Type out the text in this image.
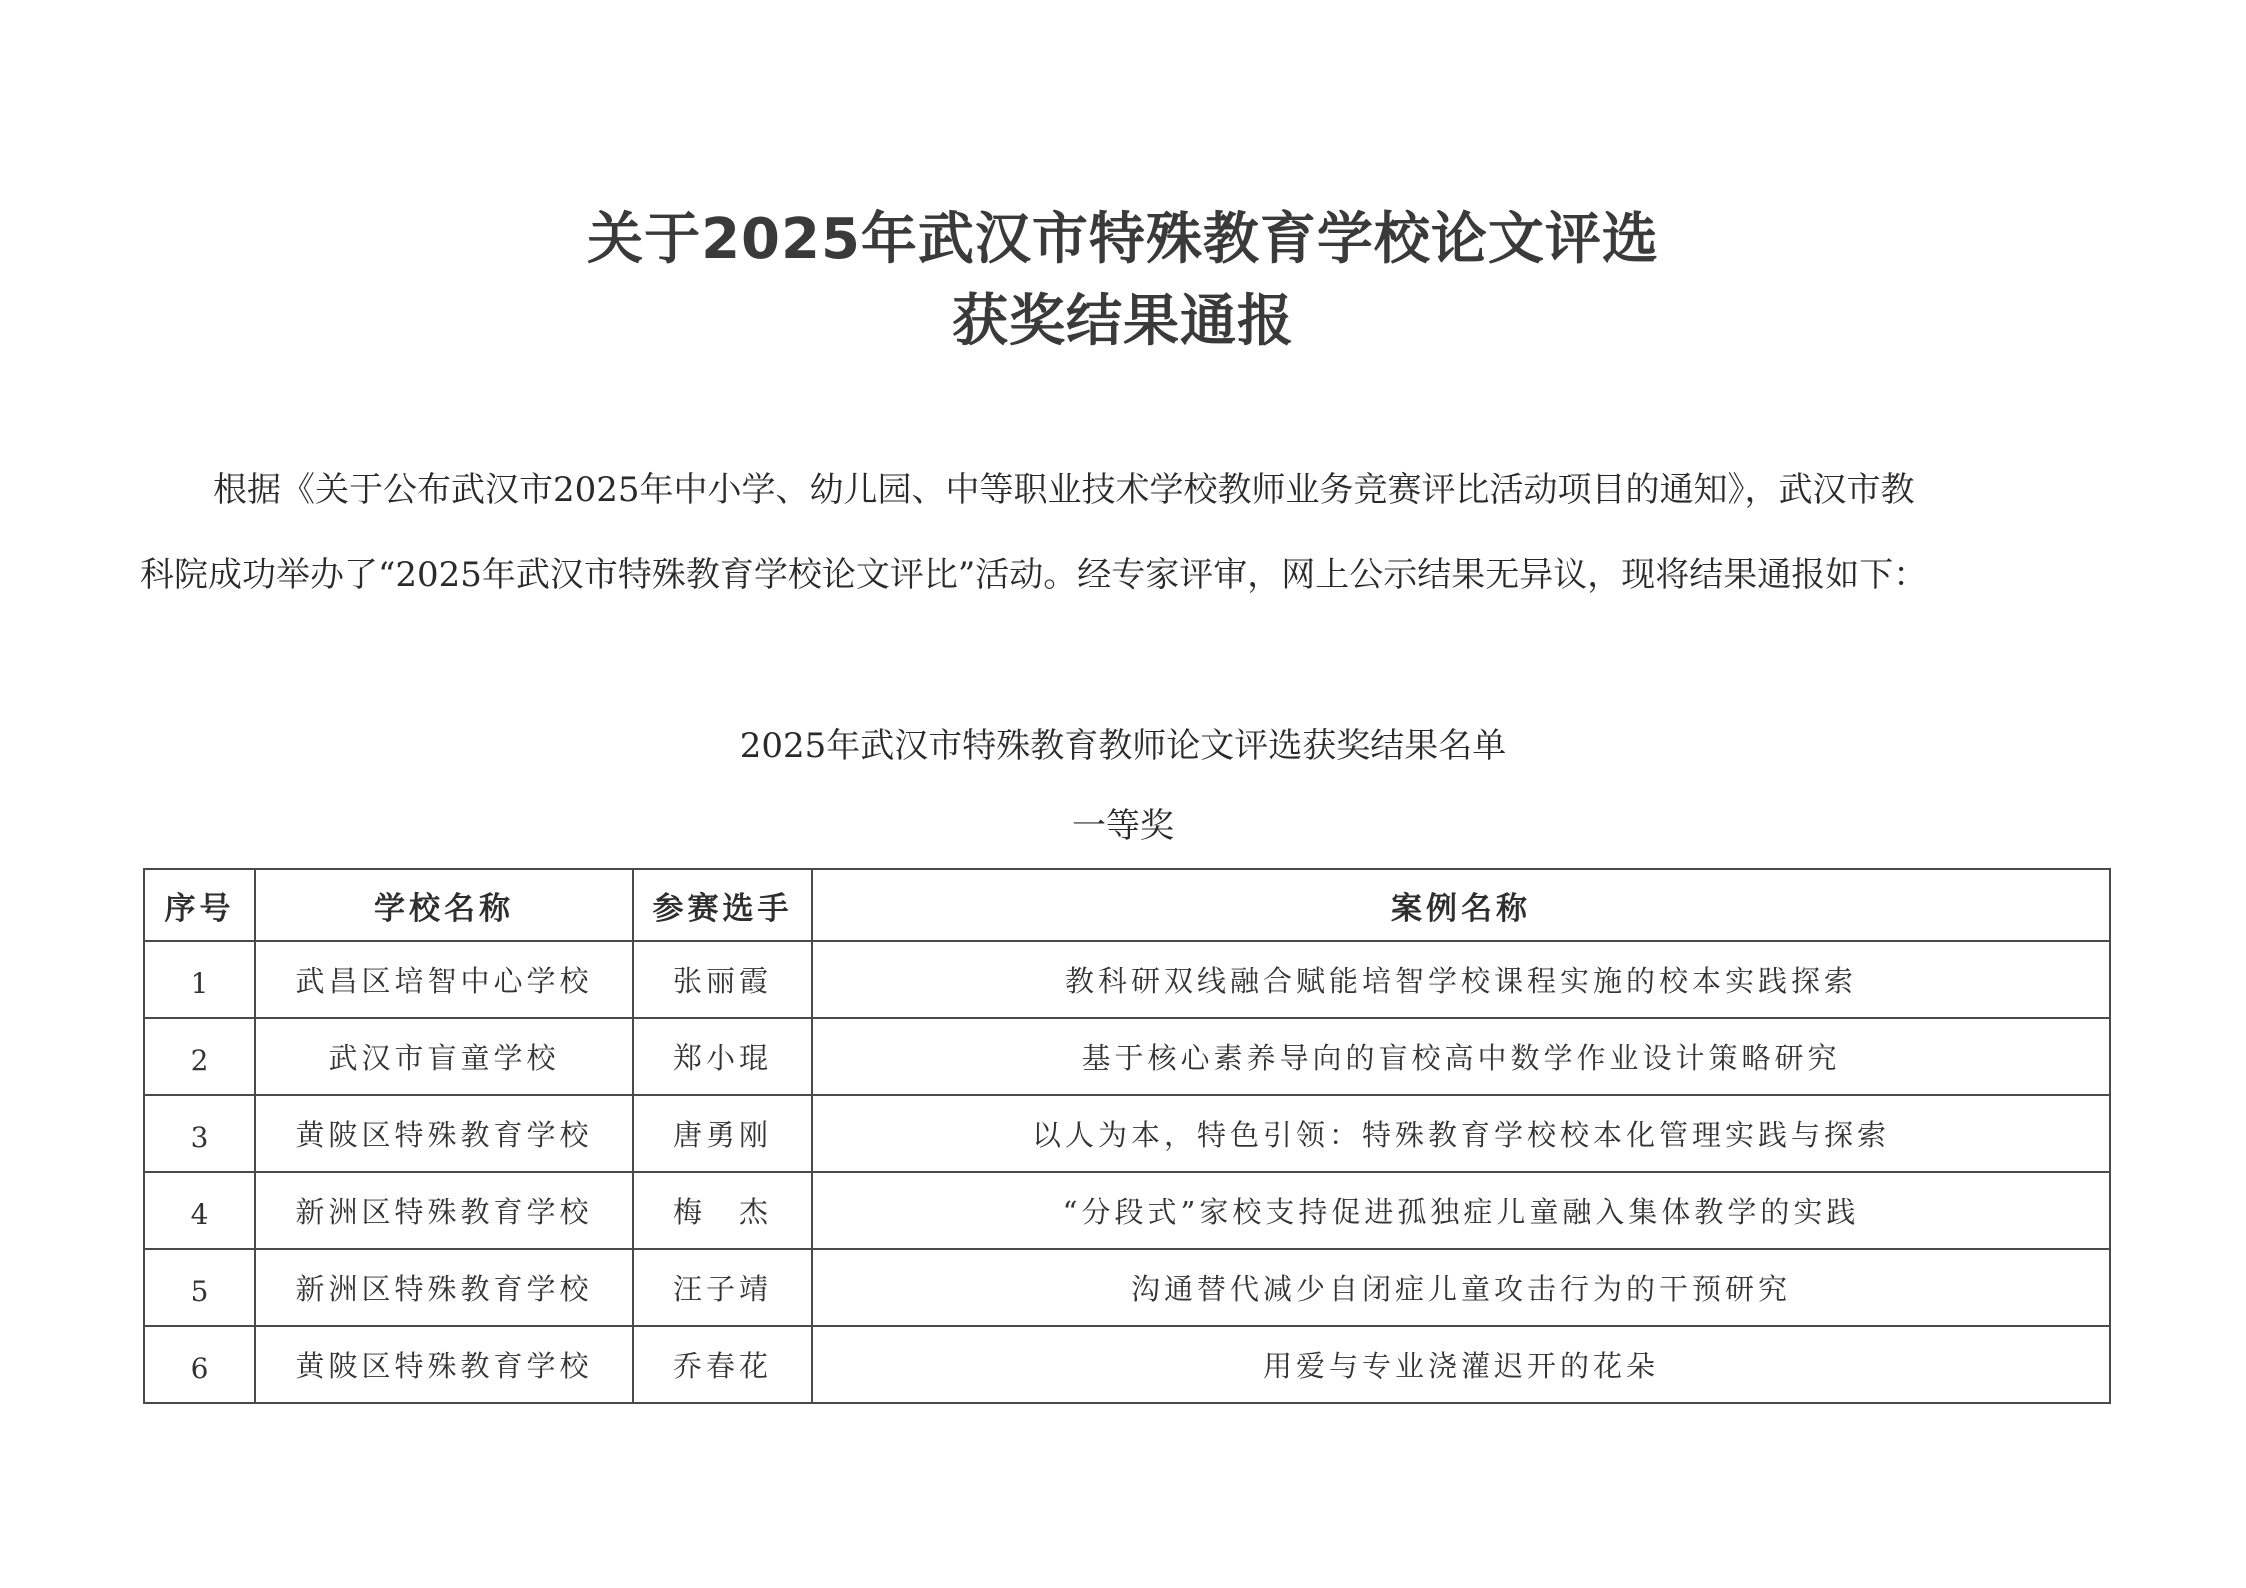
关于2025年武汉市特殊教育学校论文评选
获奖结果通报
根据《关于公布武汉市2025年中小学、幼儿园、中等职业技术学校教师业务竞赛评比活动项目的通知》，武汉市教
科院成功举办了“2025年武汉市特殊教育学校论文评比”活动。经专家评审，网上公示结果无异议，现将结果通报如下：
2025年武汉市特殊教育教师论文评选获奖结果名单
一等奖
序号	学校名称	参赛选手	案例名称
1	武昌区培智中心学校	张丽霞	教科研双线融合赋能培智学校课程实施的校本实践探索
2	武汉市盲童学校	郑小琨	基于核心素养导向的盲校高中数学作业设计策略研究
3	黄陂区特殊教育学校	唐勇刚	以人为本，特色引领：特殊教育学校校本化管理实践与探索
4	新洲区特殊教育学校	梅　杰	“分段式”家校支持促进孤独症儿童融入集体教学的实践
5	新洲区特殊教育学校	汪子靖	沟通替代减少自闭症儿童攻击行为的干预研究
6	黄陂区特殊教育学校	乔春花	用爱与专业浇灌迟开的花朵
